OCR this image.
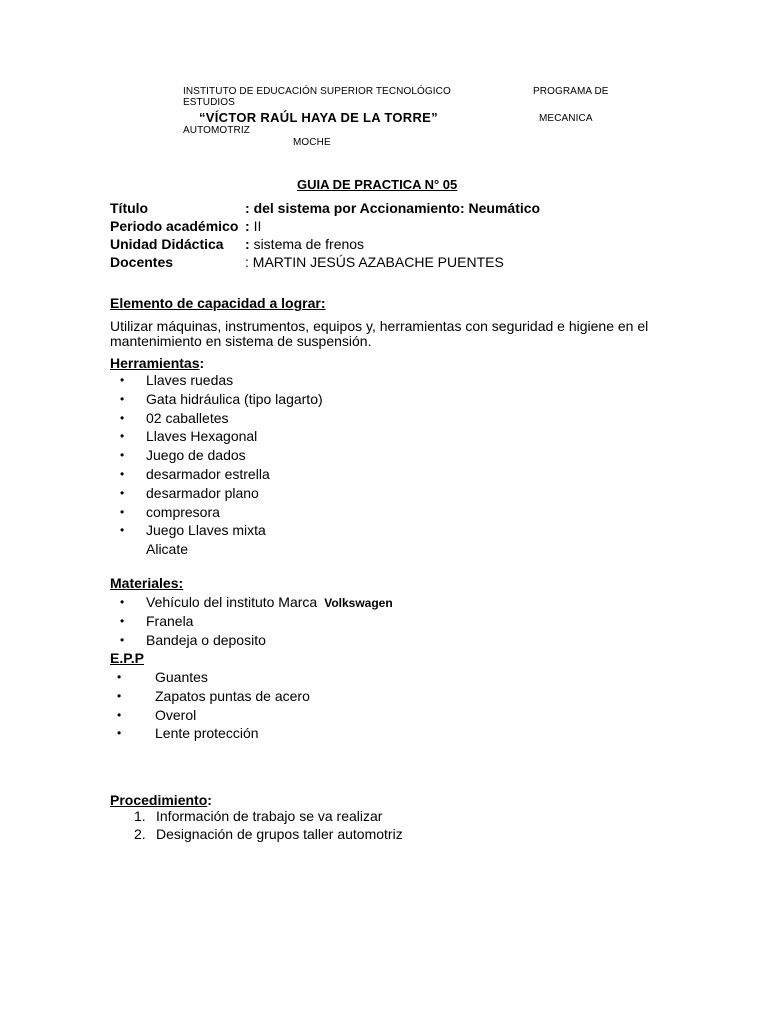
INSTITUTO DE EDUCACIÓN SUPERIOR TECNOLÓGICO	PROGRAMA DE
ESTUDIOS
“VÍCTOR RAÚL HAYA DE LA TORRE”	MECANICA
AUTOMOTRIZ
MOCHE
GUIA DE PRACTICA N° 05
Título	: del sistema por Accionamiento: Neumático
Periodo académico : II
Unidad Didáctica : sistema de frenos
Docentes	: MARTIN JESÚS AZABACHE PUENTES
Elemento de capacidad a lograr:
Utilizar máquinas, instrumentos, equipos y, herramientas con seguridad e higiene en el
mantenimiento en sistema de suspensión.
Herramientas:
• Llaves ruedas
• Gata hidráulica (tipo lagarto)
• 02 caballetes
• Llaves Hexagonal
• Juego de dados
• desarmador estrella
• desarmador plano
• compresora
• Juego Llaves mixta
Alicate
Materiales:
• Vehículo del instituto Marca Volkswagen
• Franela
• Bandeja o deposito
E.P.P
• Guantes
• Zapatos puntas de acero
• Overol
• Lente protección
Procedimiento:
1. Información de trabajo se va realizar
2. Designación de grupos taller automotriz
